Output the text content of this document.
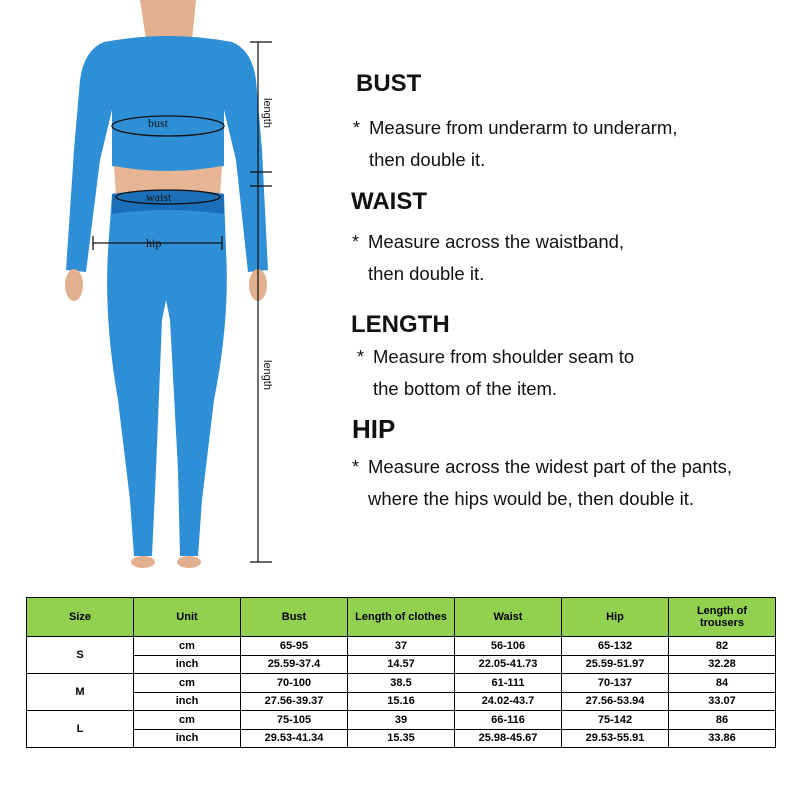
bust
waist
hip
length
length
BUST
* Measure from underarm to underarm,
then double it.
WAIST
* Measure across the waistband,
then double it.
LENGTH
* Measure from shoulder seam to
the bottom of the item.
HIP
* Measure across the widest part of the pants,
where the hips would be, then double it.
Size	Unit	Bust	Length of clothes	Waist	Hip	Length of trousers
S	cm	65-95	37	56-106	65-132	82
	inch	25.59-37.4	14.57	22.05-41.73	25.59-51.97	32.28
M	cm	70-100	38.5	61-111	70-137	84
	inch	27.56-39.37	15.16	24.02-43.7	27.56-53.94	33.07
L	cm	75-105	39	66-116	75-142	86
	inch	29.53-41.34	15.35	25.98-45.67	29.53-55.91	33.86
